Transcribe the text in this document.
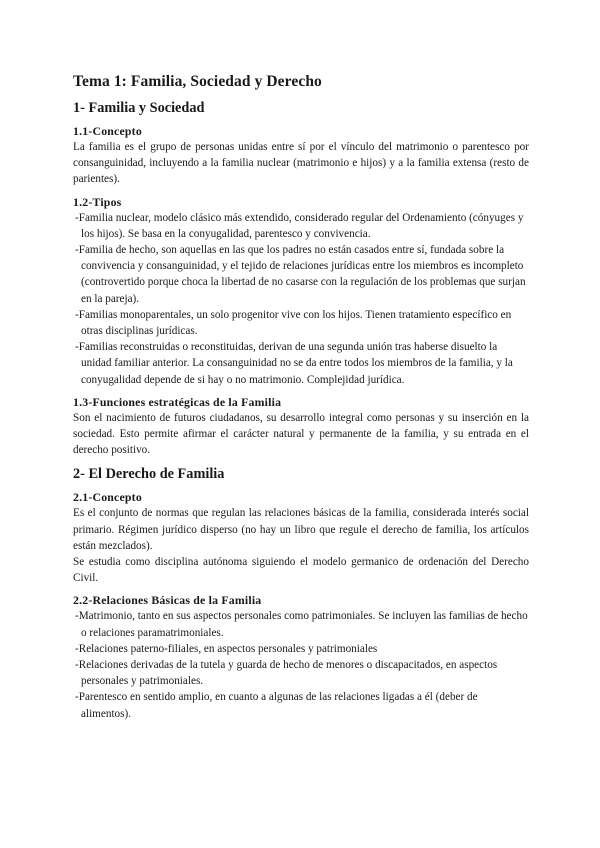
Tema 1: Familia, Sociedad y Derecho
1- Familia y Sociedad
1.1-Concepto

La familia es el grupo de personas unidas entre sí por el vínculo del matrimonio o parentesco por consanguinidad, incluyendo a la familia nuclear (matrimonio e hijos) y a la familia extensa (resto de parientes).

1.2-Tipos
-Familia nuclear, modelo clásico más extendido, considerado regular del Ordenamiento (cónyuges y los hijos). Se basa en la conyugalidad, parentesco y convivencia.
-Familia de hecho, son aquellas en las que los padres no están casados entre sí, fundada sobre la convivencia y consanguinidad, y el tejido de relaciones jurídicas entre los miembros es incompleto (controvertido porque choca la libertad de no casarse con la regulación de los problemas que surjan en la pareja).
-Familias monoparentales, un solo progenitor vive con los hijos. Tienen tratamiento específico en otras disciplinas jurídicas.
-Familias reconstruidas o reconstituidas, derivan de una segunda unión tras haberse disuelto la unidad familiar anterior. La consanguinidad no se da entre todos los miembros de la familia, y la conyugalidad depende de si hay o no matrimonio. Complejidad jurídica.
1.3-Funciones estratégicas de la Familia

Son el nacimiento de futuros ciudadanos, su desarrollo integral como personas y su inserción en la sociedad. Esto permite afirmar el carácter natural y permanente de la familia, y su entrada en el derecho positivo.

2- El Derecho de Familia
2.1-Concepto

Es el conjunto de normas que regulan las relaciones básicas de la familia, considerada interés social primario. Régimen jurídico disperso (no hay un libro que regule el derecho de familia, los artículos están mezclados).

Se estudia como disciplina autónoma siguiendo el modelo germanico de ordenación del Derecho Civil.

2.2-Relaciones Básicas de la Familia
-Matrimonio, tanto en sus aspectos personales como patrimoniales. Se incluyen las familias de hecho o relaciones paramatrimoniales.
-Relaciones paterno-filiales, en aspectos personales y patrimoniales
-Relaciones derivadas de la tutela y guarda de hecho de menores o discapacitados, en aspectos personales y patrimoniales.
-Parentesco en sentido amplio, en cuanto a algunas de las relaciones ligadas a él (deber de alimentos).
